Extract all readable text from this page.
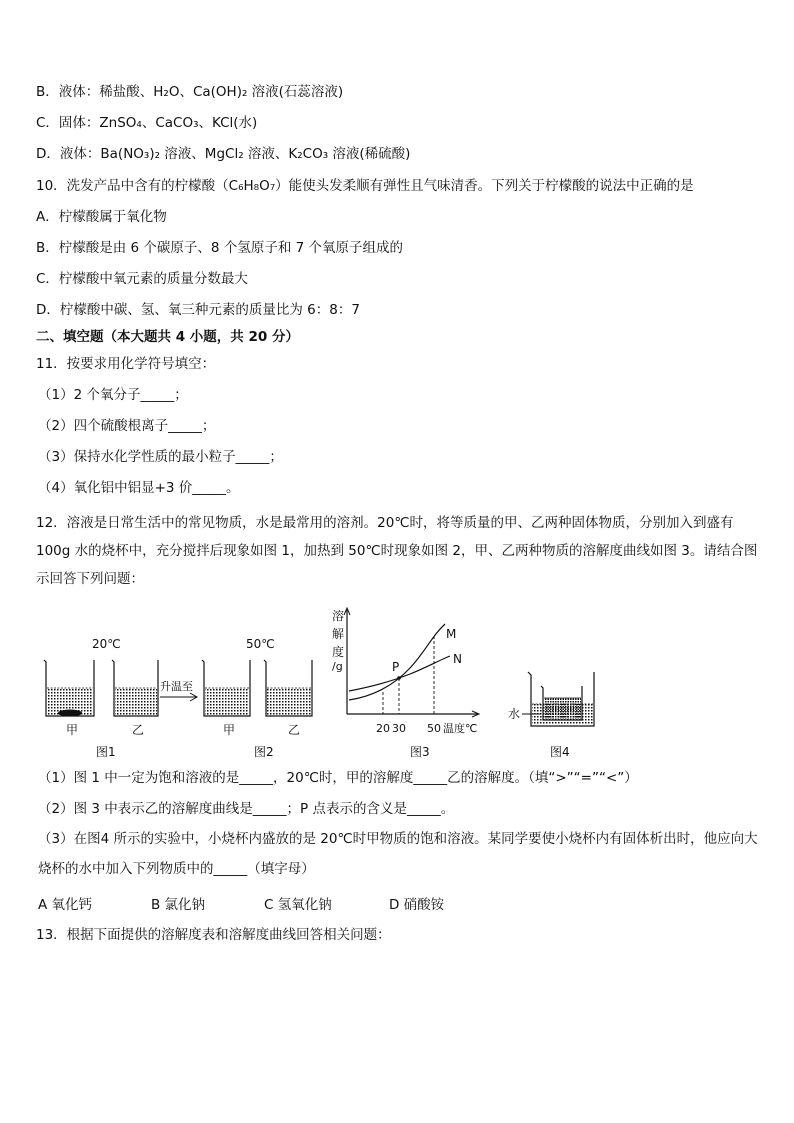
B．液体：稀盐酸、H₂O、Ca(OH)₂ 溶液(石蕊溶液)
C．固体：ZnSO₄、CaCO₃、KCl(水)
D．液体：Ba(NO₃)₂ 溶液、MgCl₂ 溶液、K₂CO₃ 溶液(稀硫酸)
10．洗发产品中含有的柠檬酸（C₆H₈O₇）能使头发柔顺有弹性且气味清香。下列关于柠檬酸的说法中正确的是
A．柠檬酸属于氧化物
B．柠檬酸是由 6 个碳原子、8 个氢原子和 7 个氧原子组成的
C．柠檬酸中氧元素的质量分数最大
D．柠檬酸中碳、氢、氧三种元素的质量比为 6：8：7
二、填空题（本大题共 4 小题，共 20 分）
11．按要求用化学符号填空：
（1）2 个氧分子_____；
（2）四个硫酸根离子_____；
（3）保持水化学性质的最小粒子_____；
（4）氧化铝中铝显+3 价_____。
12．溶液是日常生活中的常见物质，水是最常用的溶剂。20℃时，将等质量的甲、乙两种固体物质，分别加入到盛有 100g 水的烧杯中，充分搅拌后现象如图 1，加热到 50℃时现象如图 2，甲、乙两种物质的溶解度曲线如图 3。请结合图示回答下列问题：
20℃
甲	乙
图1
升温至
50℃
甲	乙
图2
溶
解
度
/g	P
M
N
20 30 50 温度℃
图3
水
图4
（1）图 1 中一定为饱和溶液的是_____，20℃时，甲的溶解度_____乙的溶解度。（填“>”“=”“<”）
（2）图 3 中表示乙的溶解度曲线是_____；P 点表示的含义是_____。
（3）在图4 所示的实验中，小烧杯内盛放的是 20℃时甲物质的饱和溶液。某同学要使小烧杯内有固体析出时，他应向大烧杯的水中加入下列物质中的_____（填字母）
A 氧化钙	B 氯化钠	C 氢氧化钠	D 硝酸铵
13．根据下面提供的溶解度表和溶解度曲线回答相关问题：
